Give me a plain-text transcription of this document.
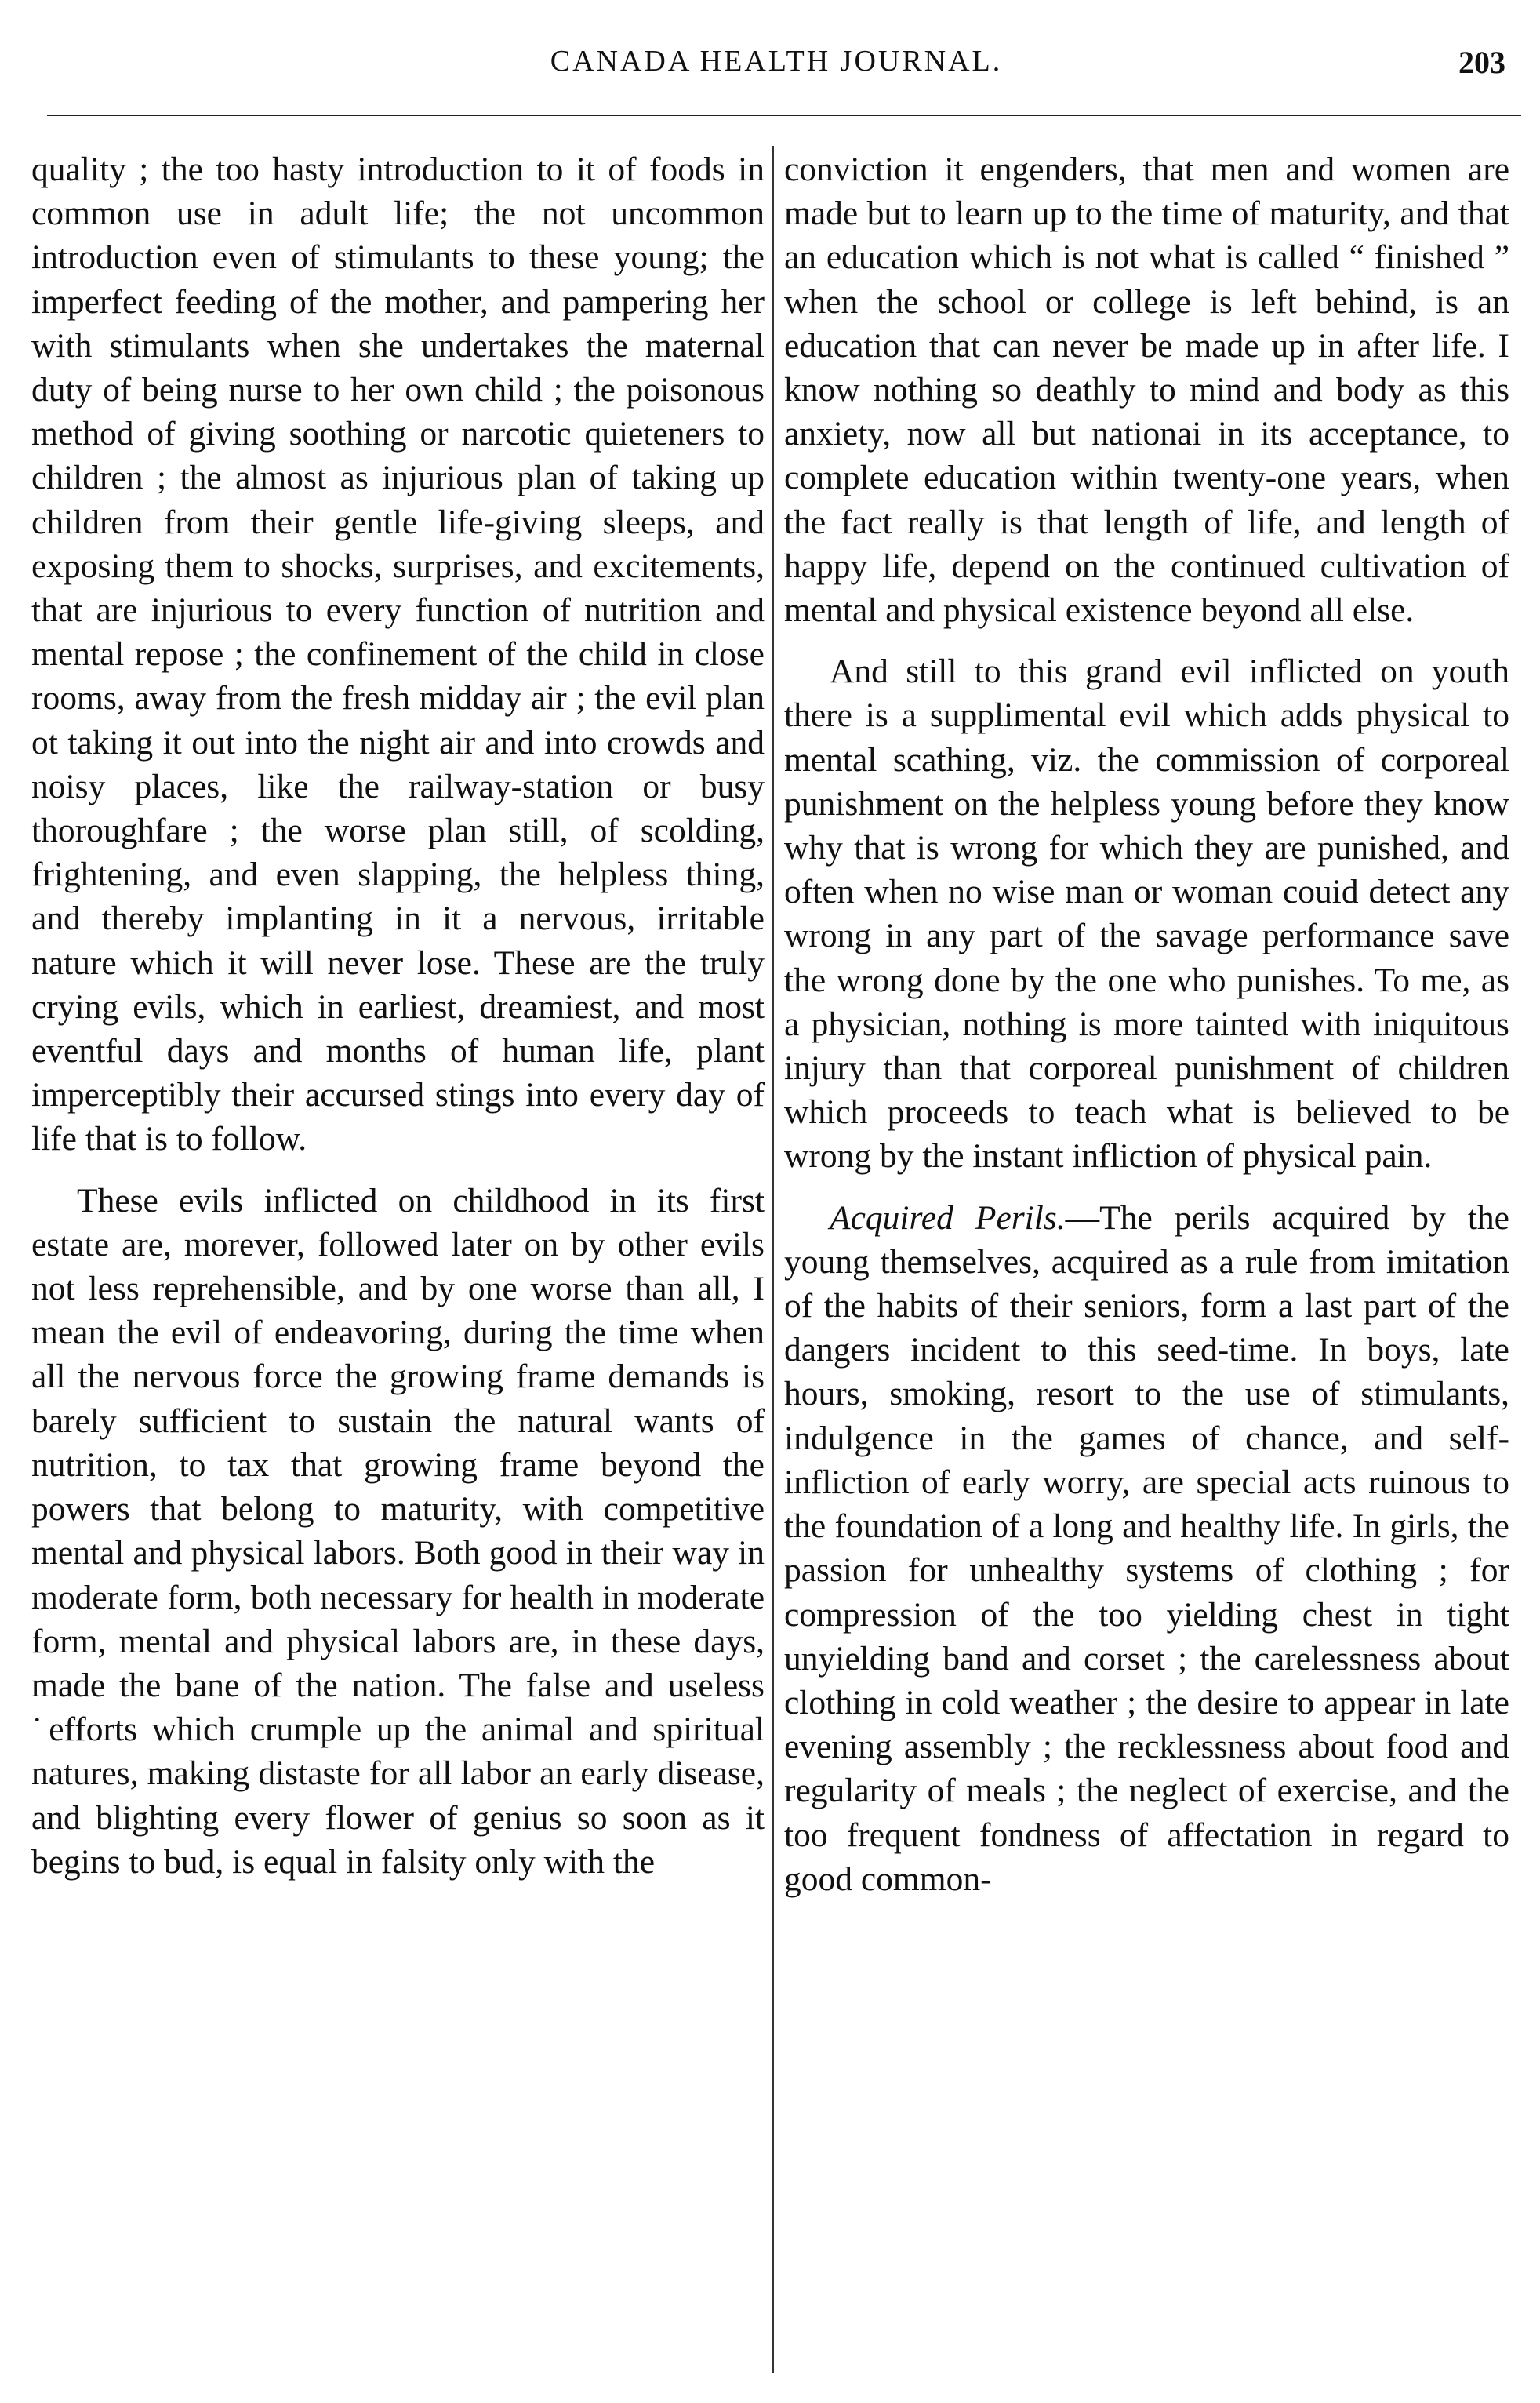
CANADA HEALTH JOURNAL.	203

quality ; the too hasty introduction to it of foods in common use in adult life; the not uncommon introduction even of stimulants to these young; the imperfect feeding of the mother, and pampering her with stimulants when she undertakes the maternal duty of being nurse to her own child ; the poisonous method of giving soothing or narcotic quieteners to children ; the almost as injurious plan of taking up children from their gentle life-giving sleeps, and exposing them to shocks, surprises, and excitements, that are injurious to every function of nutrition and mental repose ; the confinement of the child in close rooms, away from the fresh midday air ; the evil plan ot taking it out into the night air and into crowds and noisy places, like the railway-station or busy thoroughfare ; the worse plan still, of scolding, frightening, and even slapping, the helpless thing, and thereby implanting in it a nervous, irritable nature which it will never lose. These are the truly crying evils, which in earliest, dreamiest, and most eventful days and months of human life, plant imperceptibly their accursed stings into every day of life that is to follow.

These evils inflicted on childhood in its first estate are, morever, followed later on by other evils not less reprehensible, and by one worse than all, I mean the evil of endeavoring, during the time when all the nervous force the growing frame demands is barely sufficient to sustain the natural wants of nutrition, to tax that growing frame beyond the powers that belong to maturity, with competitive mental and physical labors. Both good in their way in moderate form, both necessary for health in moderate form, mental and physical labors are, in these days, made the bane of the nation. The false and useless ˙efforts which crumple up the animal and spiritual natures, making distaste for all labor an early disease, and blighting every flower of genius so soon as it begins to bud, is equal in falsity only with the

conviction it engenders, that men and women are made but to learn up to the time of maturity, and that an education which is not what is called “ finished ” when the school or college is left behind, is an education that can never be made up in after life. I know nothing so deathly to mind and body as this anxiety, now all but nationai in its acceptance, to complete education within twenty-one years, when the fact really is that length of life, and length of happy life, depend on the continued cultivation of mental and physical existence beyond all else.

And still to this grand evil inflicted on youth there is a supplimental evil which adds physical to mental scathing, viz. the commission of corporeal punishment on the helpless young before they know why that is wrong for which they are punished, and often when no wise man or woman couid detect any wrong in any part of the savage performance save the wrong done by the one who punishes. To me, as a physician, nothing is more tainted with iniquitous injury than that corporeal punishment of children which proceeds to teach what is believed to be wrong by the instant infliction of physical pain.

Acquired Perils.—The perils acquired by the young themselves, acquired as a rule from imitation of the habits of their seniors, form a last part of the dangers incident to this seed-time. In boys, late hours, smoking, resort to the use of stimulants, indulgence in the games of chance, and self-infliction of early worry, are special acts ruinous to the foundation of a long and healthy life. In girls, the passion for unhealthy systems of clothing ; for compression of the too yielding chest in tight unyielding band and corset ; the carelessness about clothing in cold weather ; the desire to appear in late evening assembly ; the recklessness about food and regularity of meals ; the neglect of exercise, and the too frequent fondness of affectation in regard to good common-
